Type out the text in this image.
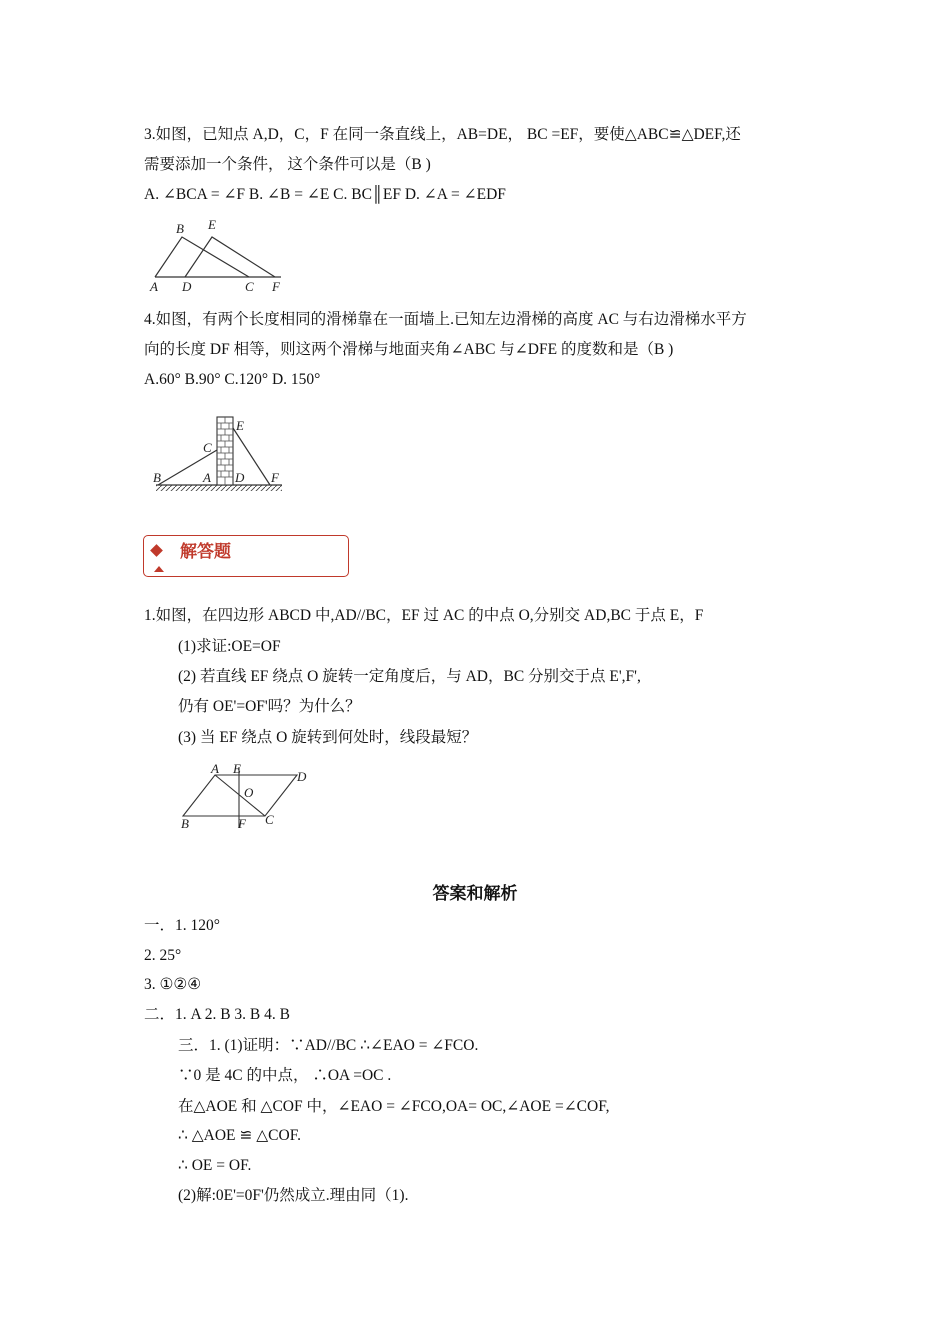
3.如图，已知点 A,D，C，F 在同一条直线上，AB=DE， BC =EF，要使△ABC≌△DEF,还
需要添加一个条件， 这个条件可以是（B )
A. ∠BCA = ∠F B. ∠B = ∠E C. BC║EF D. ∠A = ∠EDF
B E
A D	C F
4.如图，有两个长度相同的滑梯靠在一面墙上.已知左边滑梯的高度 AC 与右边滑梯水平方
向的长度 DF 相等，则这两个滑梯与地面夹角∠ABC 与∠DFE 的度数和是（B )
A.60° B.90° C.120° D. 150°
B
C
A D
E
F
解答题
1.如图，在四边形 ABCD 中,AD//BC，EF 过 AC 的中点 O,分别交 AD,BC 于点 E，F
(1)求证:OE=OF
(2) 若直线 EF 绕点 O 旋转一定角度后，与 AD，BC 分别交于点 E',F',
仍有 OE'=OF'吗？为什么？
(3) 当 EF 绕点 O 旋转到何处时，线段最短？
A E
D
O
B	F C
答案和解析
一．1. 120°
2. 25°
3. ①②④
二．1. A 2. B 3. B 4. B
三．1. (1)证明：∵AD//BC ∴∠EAO = ∠FCO.
∵0 是 4C 的中点， ∴OA =OC .
在△AOE 和 △COF 中，∠EAO = ∠FCO,OA= OC,∠AOE =∠COF,
∴ △AOE ≌ △COF.
∴ OE = OF.
(2)解:0E'=0F'仍然成立.理由同（1).
